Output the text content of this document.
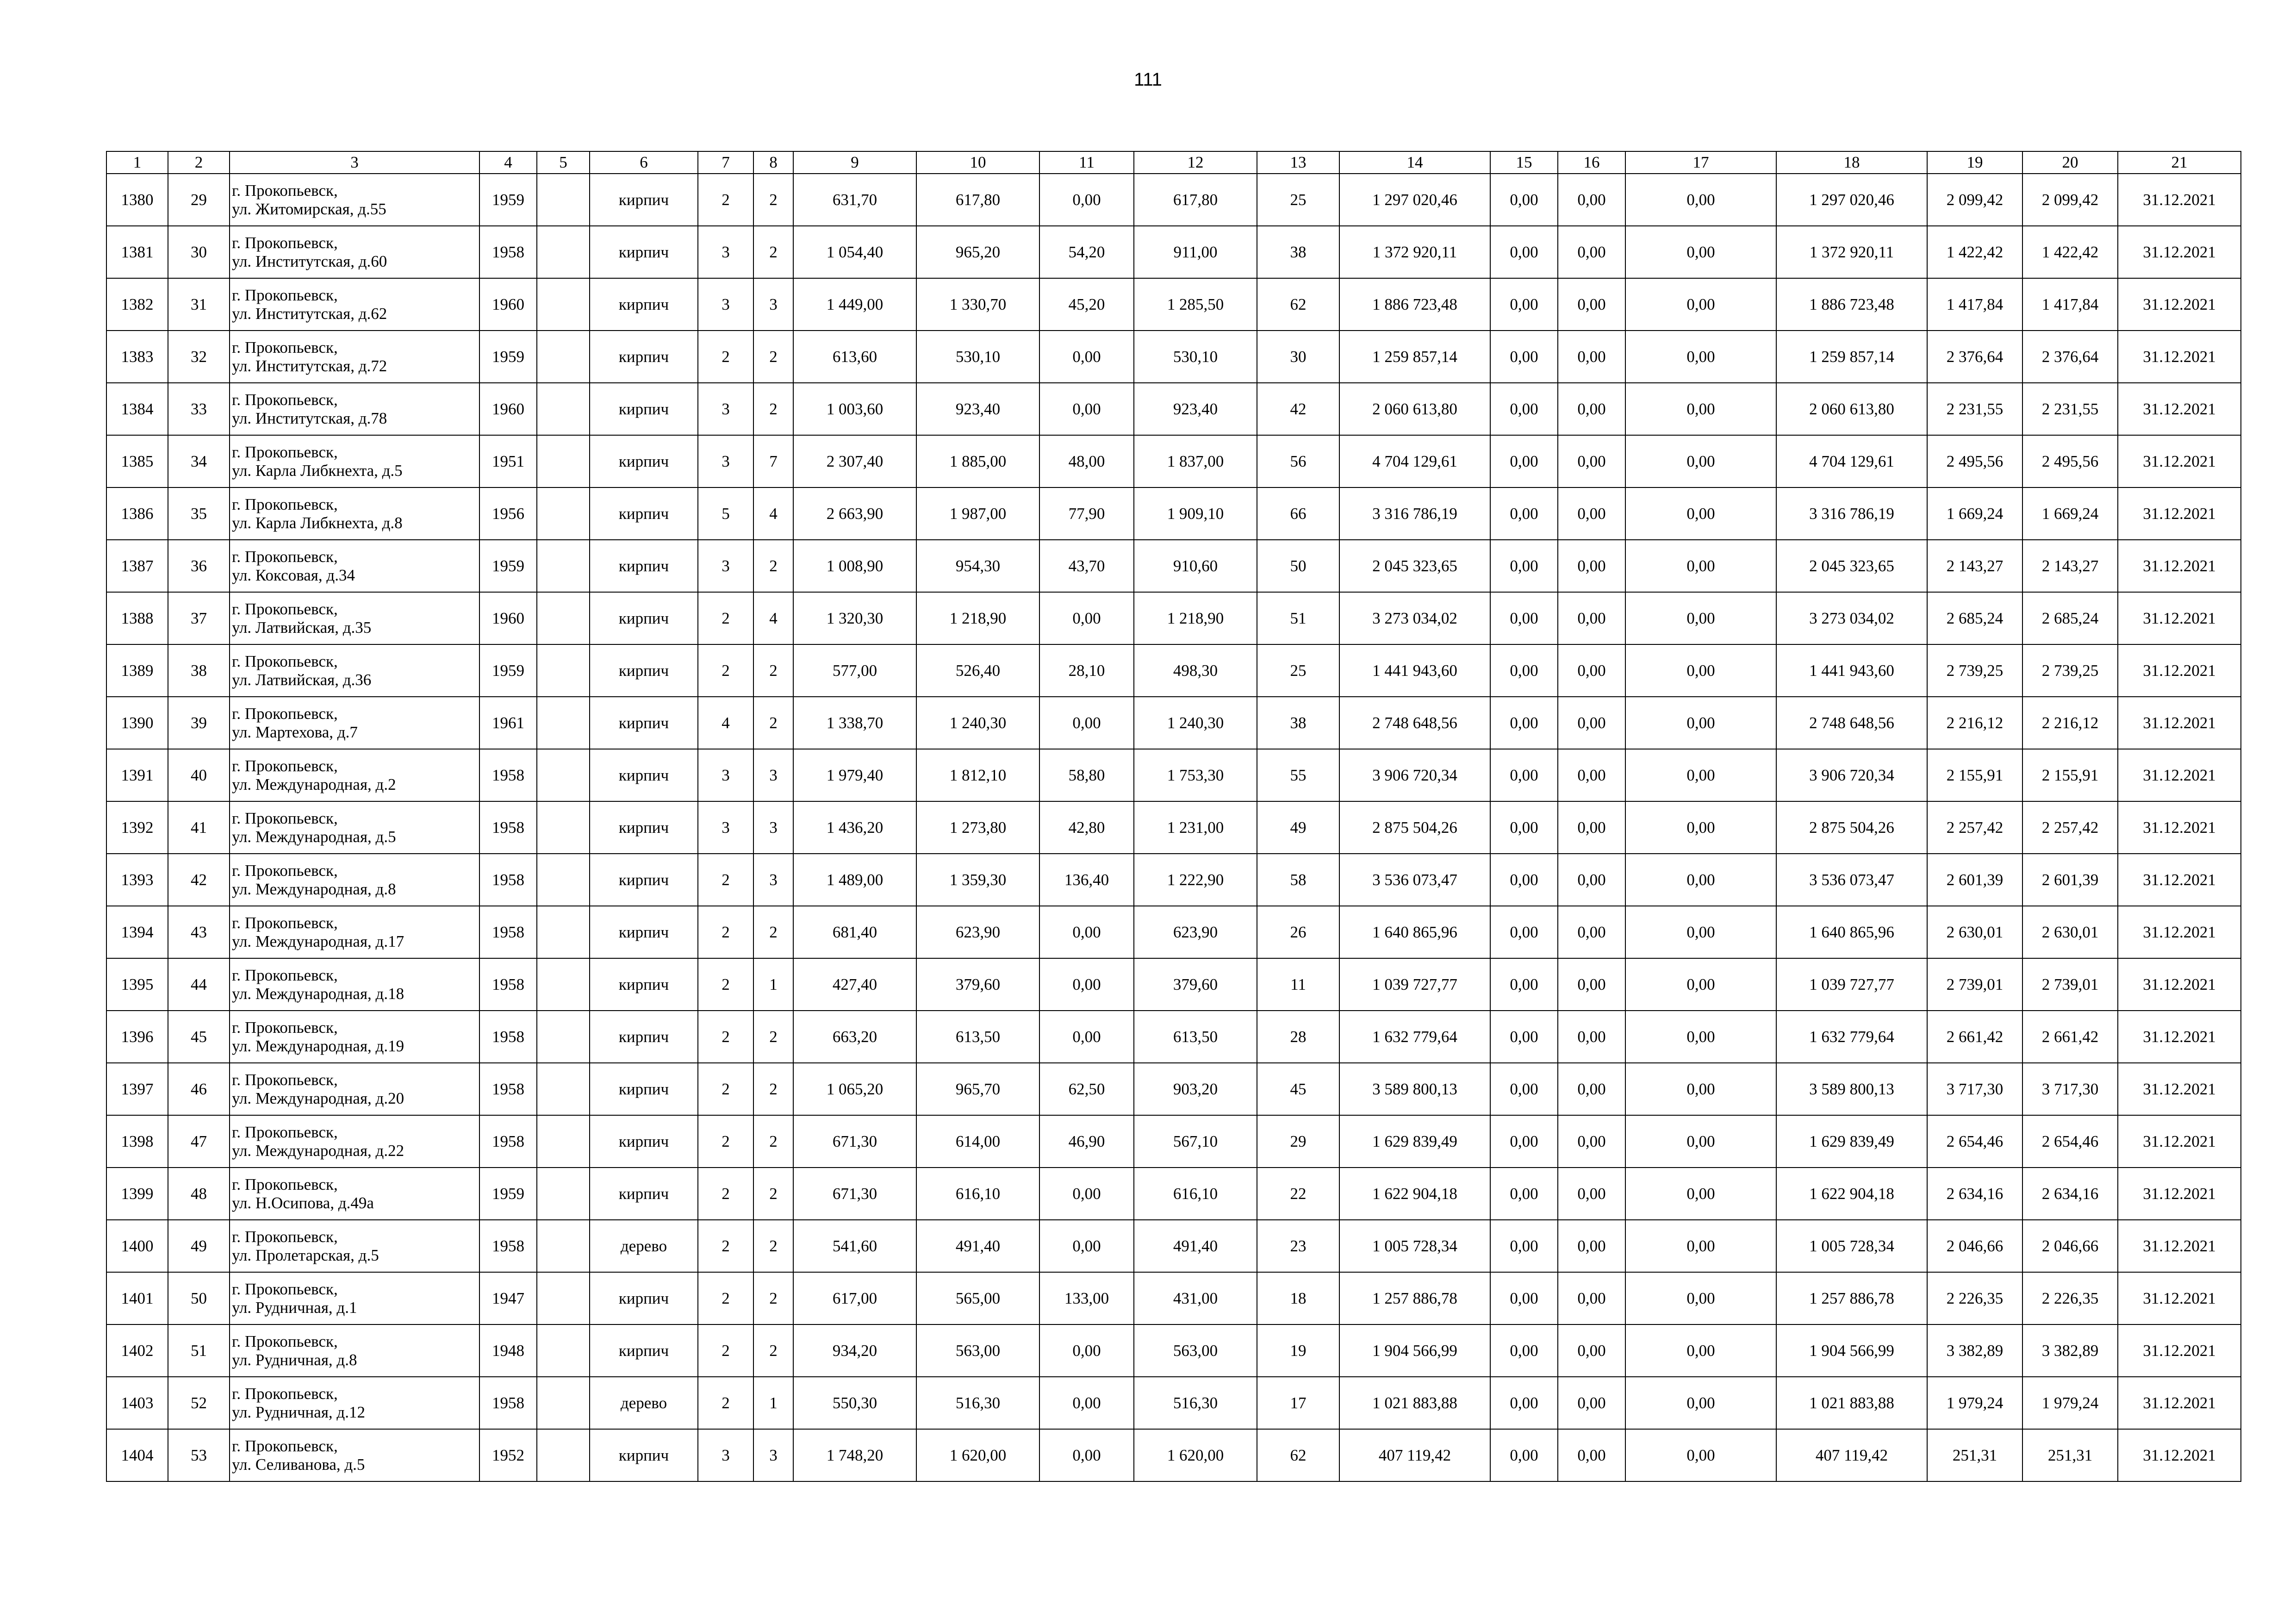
111
1	2	3	4	5	6	7	8	9	10	11	12	13	14	15	16	17	18	19	20	21
1380	29	г. Прокопьевск,
ул. Житомирская, д.55	1959		кирпич	2	2	631,70	617,80	0,00	617,80	25	1 297 020,46	0,00	0,00	0,00	1 297 020,46	2 099,42	2 099,42	31.12.2021
1381	30	г. Прокопьевск,
ул. Институтская, д.60	1958		кирпич	3	2	1 054,40	965,20	54,20	911,00	38	1 372 920,11	0,00	0,00	0,00	1 372 920,11	1 422,42	1 422,42	31.12.2021
1382	31	г. Прокопьевск,
ул. Институтская, д.62	1960		кирпич	3	3	1 449,00	1 330,70	45,20	1 285,50	62	1 886 723,48	0,00	0,00	0,00	1 886 723,48	1 417,84	1 417,84	31.12.2021
1383	32	г. Прокопьевск,
ул. Институтская, д.72	1959		кирпич	2	2	613,60	530,10	0,00	530,10	30	1 259 857,14	0,00	0,00	0,00	1 259 857,14	2 376,64	2 376,64	31.12.2021
1384	33	г. Прокопьевск,
ул. Институтская, д.78	1960		кирпич	3	2	1 003,60	923,40	0,00	923,40	42	2 060 613,80	0,00	0,00	0,00	2 060 613,80	2 231,55	2 231,55	31.12.2021
1385	34	г. Прокопьевск,
ул. Карла Либкнехта, д.5	1951		кирпич	3	7	2 307,40	1 885,00	48,00	1 837,00	56	4 704 129,61	0,00	0,00	0,00	4 704 129,61	2 495,56	2 495,56	31.12.2021
1386	35	г. Прокопьевск,
ул. Карла Либкнехта, д.8	1956		кирпич	5	4	2 663,90	1 987,00	77,90	1 909,10	66	3 316 786,19	0,00	0,00	0,00	3 316 786,19	1 669,24	1 669,24	31.12.2021
1387	36	г. Прокопьевск,
ул. Коксовая, д.34	1959		кирпич	3	2	1 008,90	954,30	43,70	910,60	50	2 045 323,65	0,00	0,00	0,00	2 045 323,65	2 143,27	2 143,27	31.12.2021
1388	37	г. Прокопьевск,
ул. Латвийская, д.35	1960		кирпич	2	4	1 320,30	1 218,90	0,00	1 218,90	51	3 273 034,02	0,00	0,00	0,00	3 273 034,02	2 685,24	2 685,24	31.12.2021
1389	38	г. Прокопьевск,
ул. Латвийская, д.36	1959		кирпич	2	2	577,00	526,40	28,10	498,30	25	1 441 943,60	0,00	0,00	0,00	1 441 943,60	2 739,25	2 739,25	31.12.2021
1390	39	г. Прокопьевск,
ул. Мартехова, д.7	1961		кирпич	4	2	1 338,70	1 240,30	0,00	1 240,30	38	2 748 648,56	0,00	0,00	0,00	2 748 648,56	2 216,12	2 216,12	31.12.2021
1391	40	г. Прокопьевск,
ул. Международная, д.2	1958		кирпич	3	3	1 979,40	1 812,10	58,80	1 753,30	55	3 906 720,34	0,00	0,00	0,00	3 906 720,34	2 155,91	2 155,91	31.12.2021
1392	41	г. Прокопьевск,
ул. Международная, д.5	1958		кирпич	3	3	1 436,20	1 273,80	42,80	1 231,00	49	2 875 504,26	0,00	0,00	0,00	2 875 504,26	2 257,42	2 257,42	31.12.2021
1393	42	г. Прокопьевск,
ул. Международная, д.8	1958		кирпич	2	3	1 489,00	1 359,30	136,40	1 222,90	58	3 536 073,47	0,00	0,00	0,00	3 536 073,47	2 601,39	2 601,39	31.12.2021
1394	43	г. Прокопьевск,
ул. Международная, д.17	1958		кирпич	2	2	681,40	623,90	0,00	623,90	26	1 640 865,96	0,00	0,00	0,00	1 640 865,96	2 630,01	2 630,01	31.12.2021
1395	44	г. Прокопьевск,
ул. Международная, д.18	1958		кирпич	2	1	427,40	379,60	0,00	379,60	11	1 039 727,77	0,00	0,00	0,00	1 039 727,77	2 739,01	2 739,01	31.12.2021
1396	45	г. Прокопьевск,
ул. Международная, д.19	1958		кирпич	2	2	663,20	613,50	0,00	613,50	28	1 632 779,64	0,00	0,00	0,00	1 632 779,64	2 661,42	2 661,42	31.12.2021
1397	46	г. Прокопьевск,
ул. Международная, д.20	1958		кирпич	2	2	1 065,20	965,70	62,50	903,20	45	3 589 800,13	0,00	0,00	0,00	3 589 800,13	3 717,30	3 717,30	31.12.2021
1398	47	г. Прокопьевск,
ул. Международная, д.22	1958		кирпич	2	2	671,30	614,00	46,90	567,10	29	1 629 839,49	0,00	0,00	0,00	1 629 839,49	2 654,46	2 654,46	31.12.2021
1399	48	г. Прокопьевск,
ул. Н.Осипова, д.49а	1959		кирпич	2	2	671,30	616,10	0,00	616,10	22	1 622 904,18	0,00	0,00	0,00	1 622 904,18	2 634,16	2 634,16	31.12.2021
1400	49	г. Прокопьевск,
ул. Пролетарская, д.5	1958		дерево	2	2	541,60	491,40	0,00	491,40	23	1 005 728,34	0,00	0,00	0,00	1 005 728,34	2 046,66	2 046,66	31.12.2021
1401	50	г. Прокопьевск,
ул. Рудничная, д.1	1947		кирпич	2	2	617,00	565,00	133,00	431,00	18	1 257 886,78	0,00	0,00	0,00	1 257 886,78	2 226,35	2 226,35	31.12.2021
1402	51	г. Прокопьевск,
ул. Рудничная, д.8	1948		кирпич	2	2	934,20	563,00	0,00	563,00	19	1 904 566,99	0,00	0,00	0,00	1 904 566,99	3 382,89	3 382,89	31.12.2021
1403	52	г. Прокопьевск,
ул. Рудничная, д.12	1958		дерево	2	1	550,30	516,30	0,00	516,30	17	1 021 883,88	0,00	0,00	0,00	1 021 883,88	1 979,24	1 979,24	31.12.2021
1404	53	г. Прокопьевск,
ул. Селиванова, д.5	1952		кирпич	3	3	1 748,20	1 620,00	0,00	1 620,00	62	407 119,42	0,00	0,00	0,00	407 119,42	251,31	251,31	31.12.2021
